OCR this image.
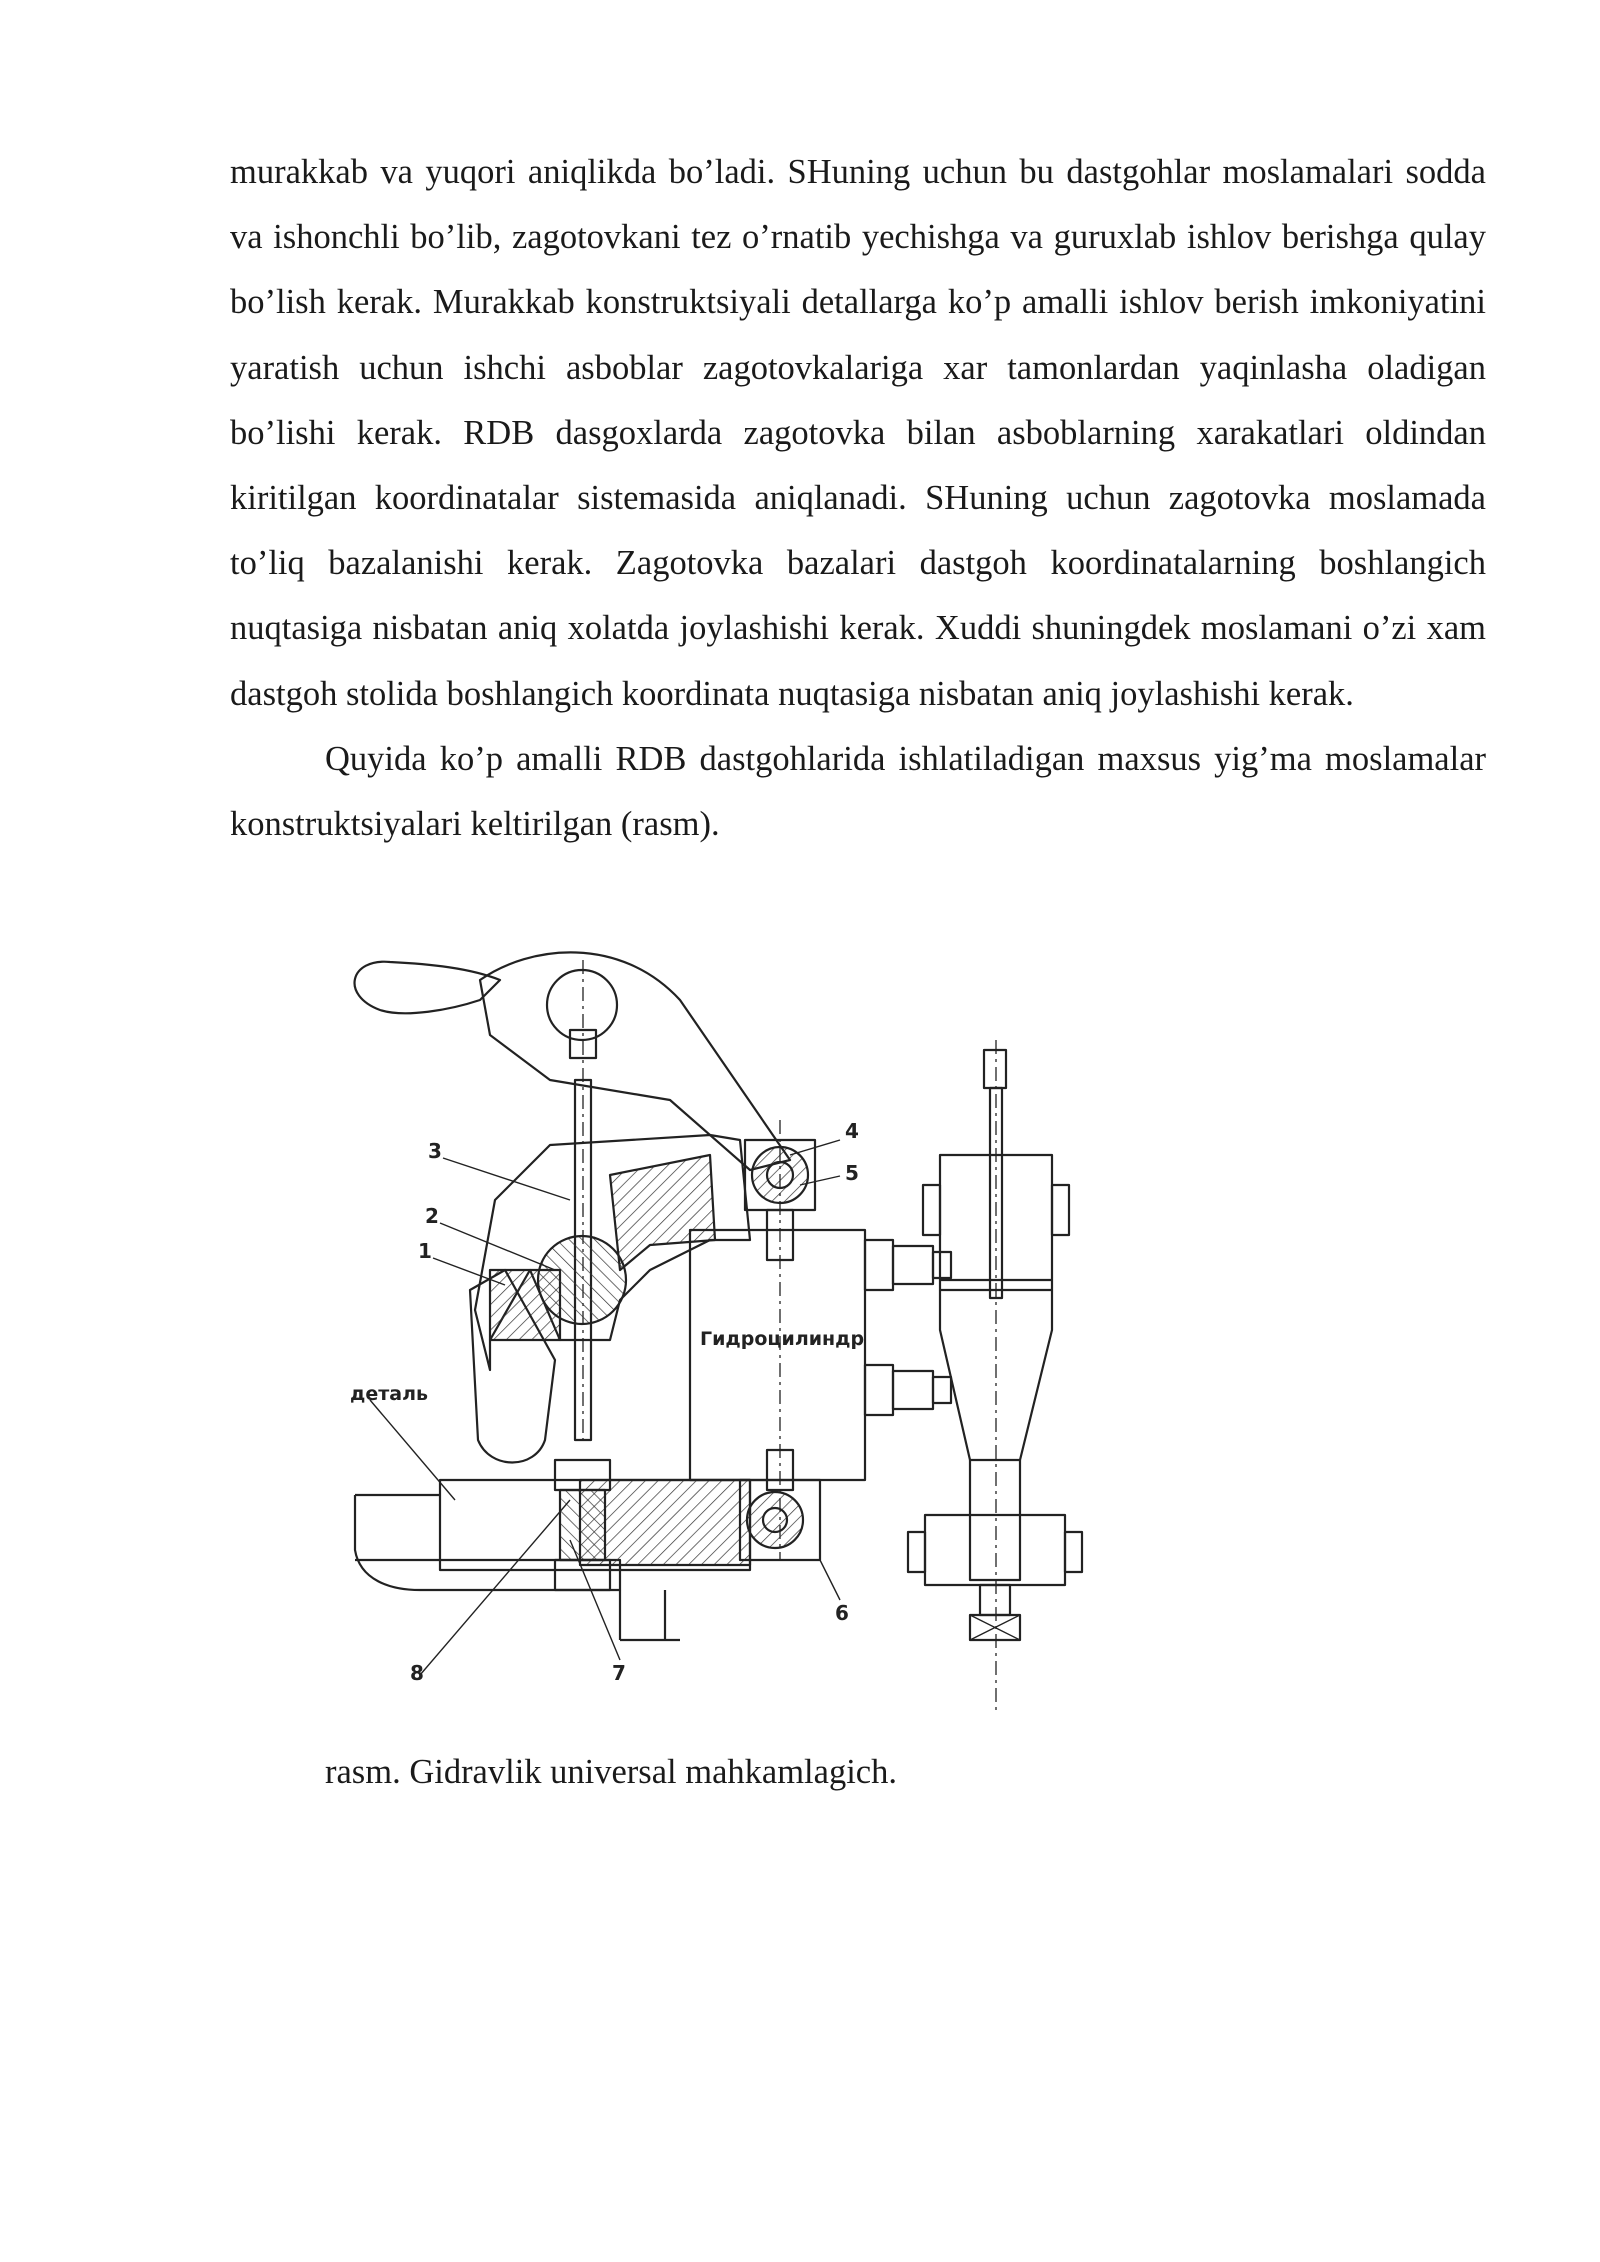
murakkab va yuqori aniqlikda bo’ladi. SHuning uchun bu dastgohlar moslamalari sodda va ishonchli bo’lib, zagotovkani tez o’rnatib yechishga va guruxlab ishlov berishga qulay bo’lish kerak. Murakkab konstruktsiyali detallarga ko’p amalli ishlov berish imkoniyatini yaratish uchun ishchi asboblar zagotovkalariga xar tamonlardan yaqinlasha oladigan bo’lishi kerak. RDB dasgoxlarda zagotovka bilan asboblarning xarakatlari oldindan kiritilgan koordinatalar sistemasida aniqlanadi. SHuning uchun zagotovka moslamada to’liq bazalanishi kerak. Zagotovka bazalari dastgoh koordinatalarning boshlangich nuqtasiga nisbatan aniq xolatda joylashishi kerak. Xuddi shuningdek moslamani o’zi xam dastgoh stolida boshlangich koordinata nuqtasiga nisbatan aniq joylashishi kerak.

Quyida ko’p amalli RDB dastgohlarida ishlatiladigan maxsus yig’ma moslamalar konstruktsiyalari keltirilgan (rasm).

3
2
1
4
5
6
7
8
деталь
Гидроцилиндр
rasm. Gidravlik universal mahkamlagich.
